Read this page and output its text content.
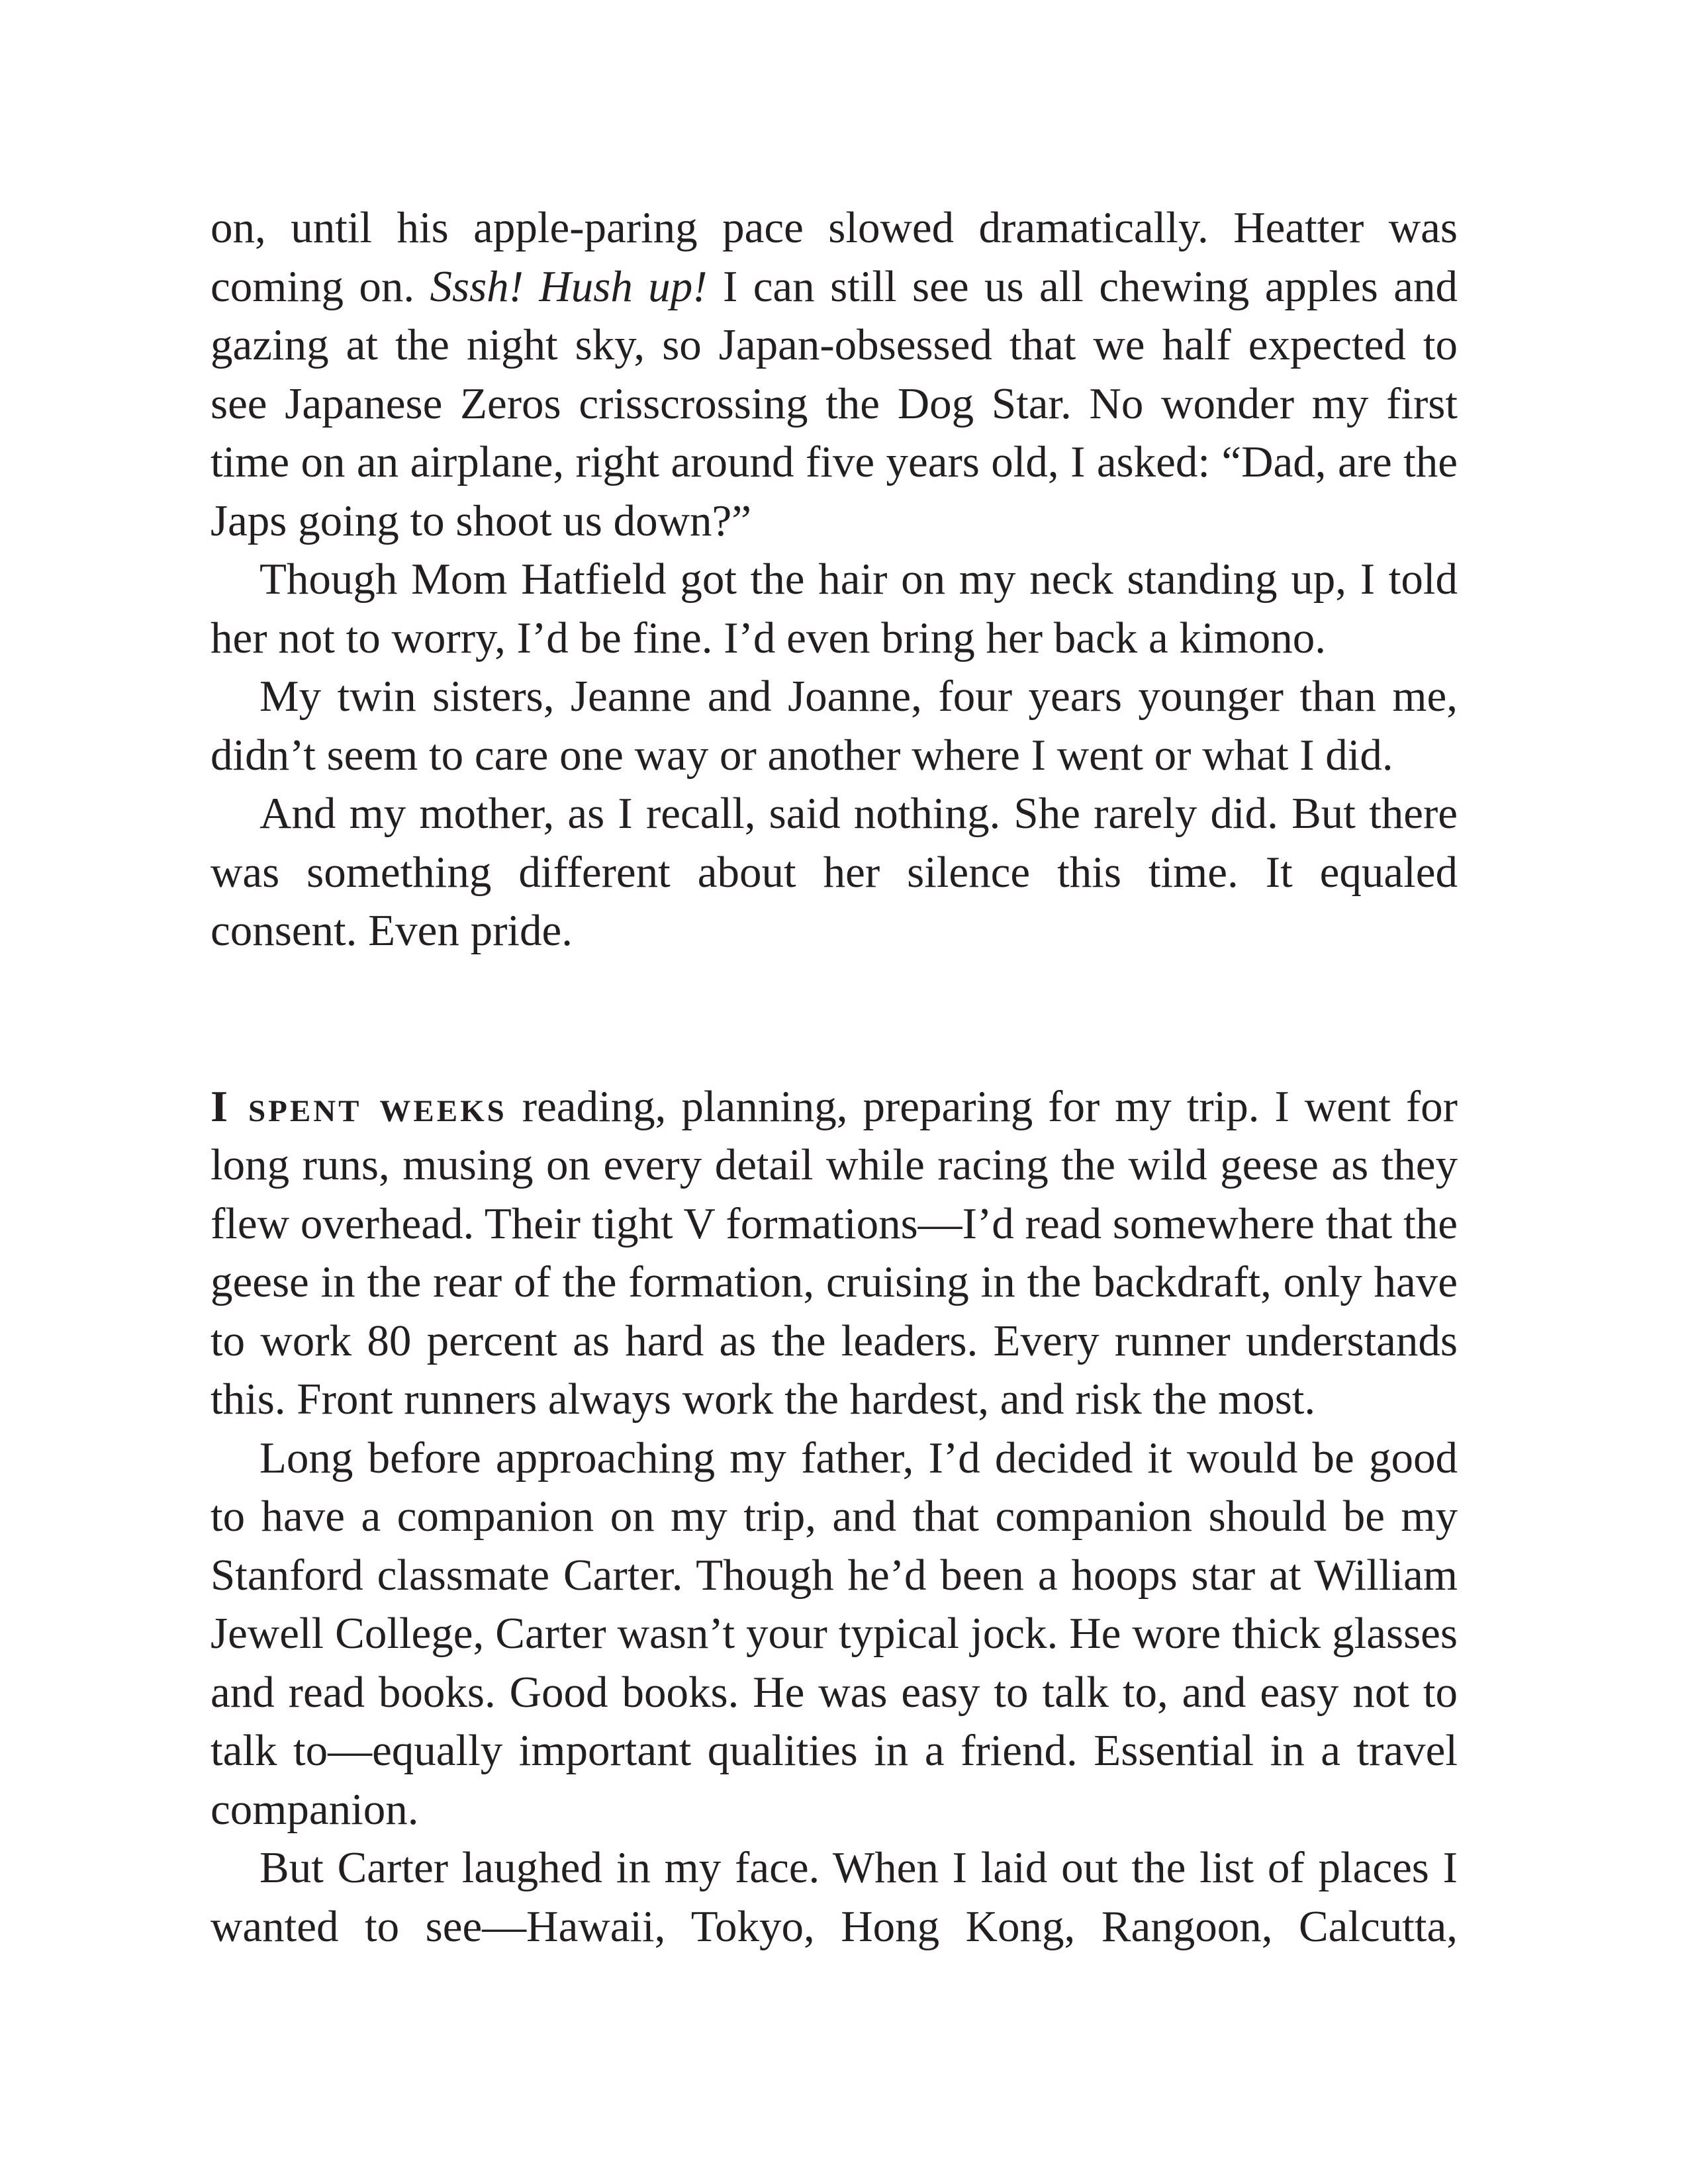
on, until his apple-paring pace slowed dramatically. Heatter was coming on. Sssh! Hush up! I can still see us all chewing apples and gazing at the night sky, so Japan-obsessed that we half expected to see Japanese Zeros crisscrossing the Dog Star. No wonder my first time on an airplane, right around five years old, I asked: “Dad, are the Japs going to shoot us down?”

Though Mom Hatfield got the hair on my neck standing up, I told her not to worry, I’d be fine. I’d even bring her back a kimono.

My twin sisters, Jeanne and Joanne, four years younger than me, didn’t seem to care one way or another where I went or what I did.

And my mother, as I recall, said nothing. She rarely did. But there was something different about her silence this time. It equaled consent. Even pride.

I spent weeks reading, planning, preparing for my trip. I went for long runs, musing on every detail while racing the wild geese as they flew overhead. Their tight V formations—I’d read somewhere that the geese in the rear of the formation, cruising in the backdraft, only have to work 80 percent as hard as the leaders. Every runner understands this. Front runners always work the hardest, and risk the most.

Long before approaching my father, I’d decided it would be good to have a companion on my trip, and that companion should be my Stanford classmate Carter. Though he’d been a hoops star at William Jewell College, Carter wasn’t your typical jock. He wore thick glasses and read books. Good books. He was easy to talk to, and easy not to talk to—equally important qualities in a friend. Essential in a travel companion.

But Carter laughed in my face. When I laid out the list of places I wanted to see—Hawaii, Tokyo, Hong Kong, Rangoon, Calcutta,
